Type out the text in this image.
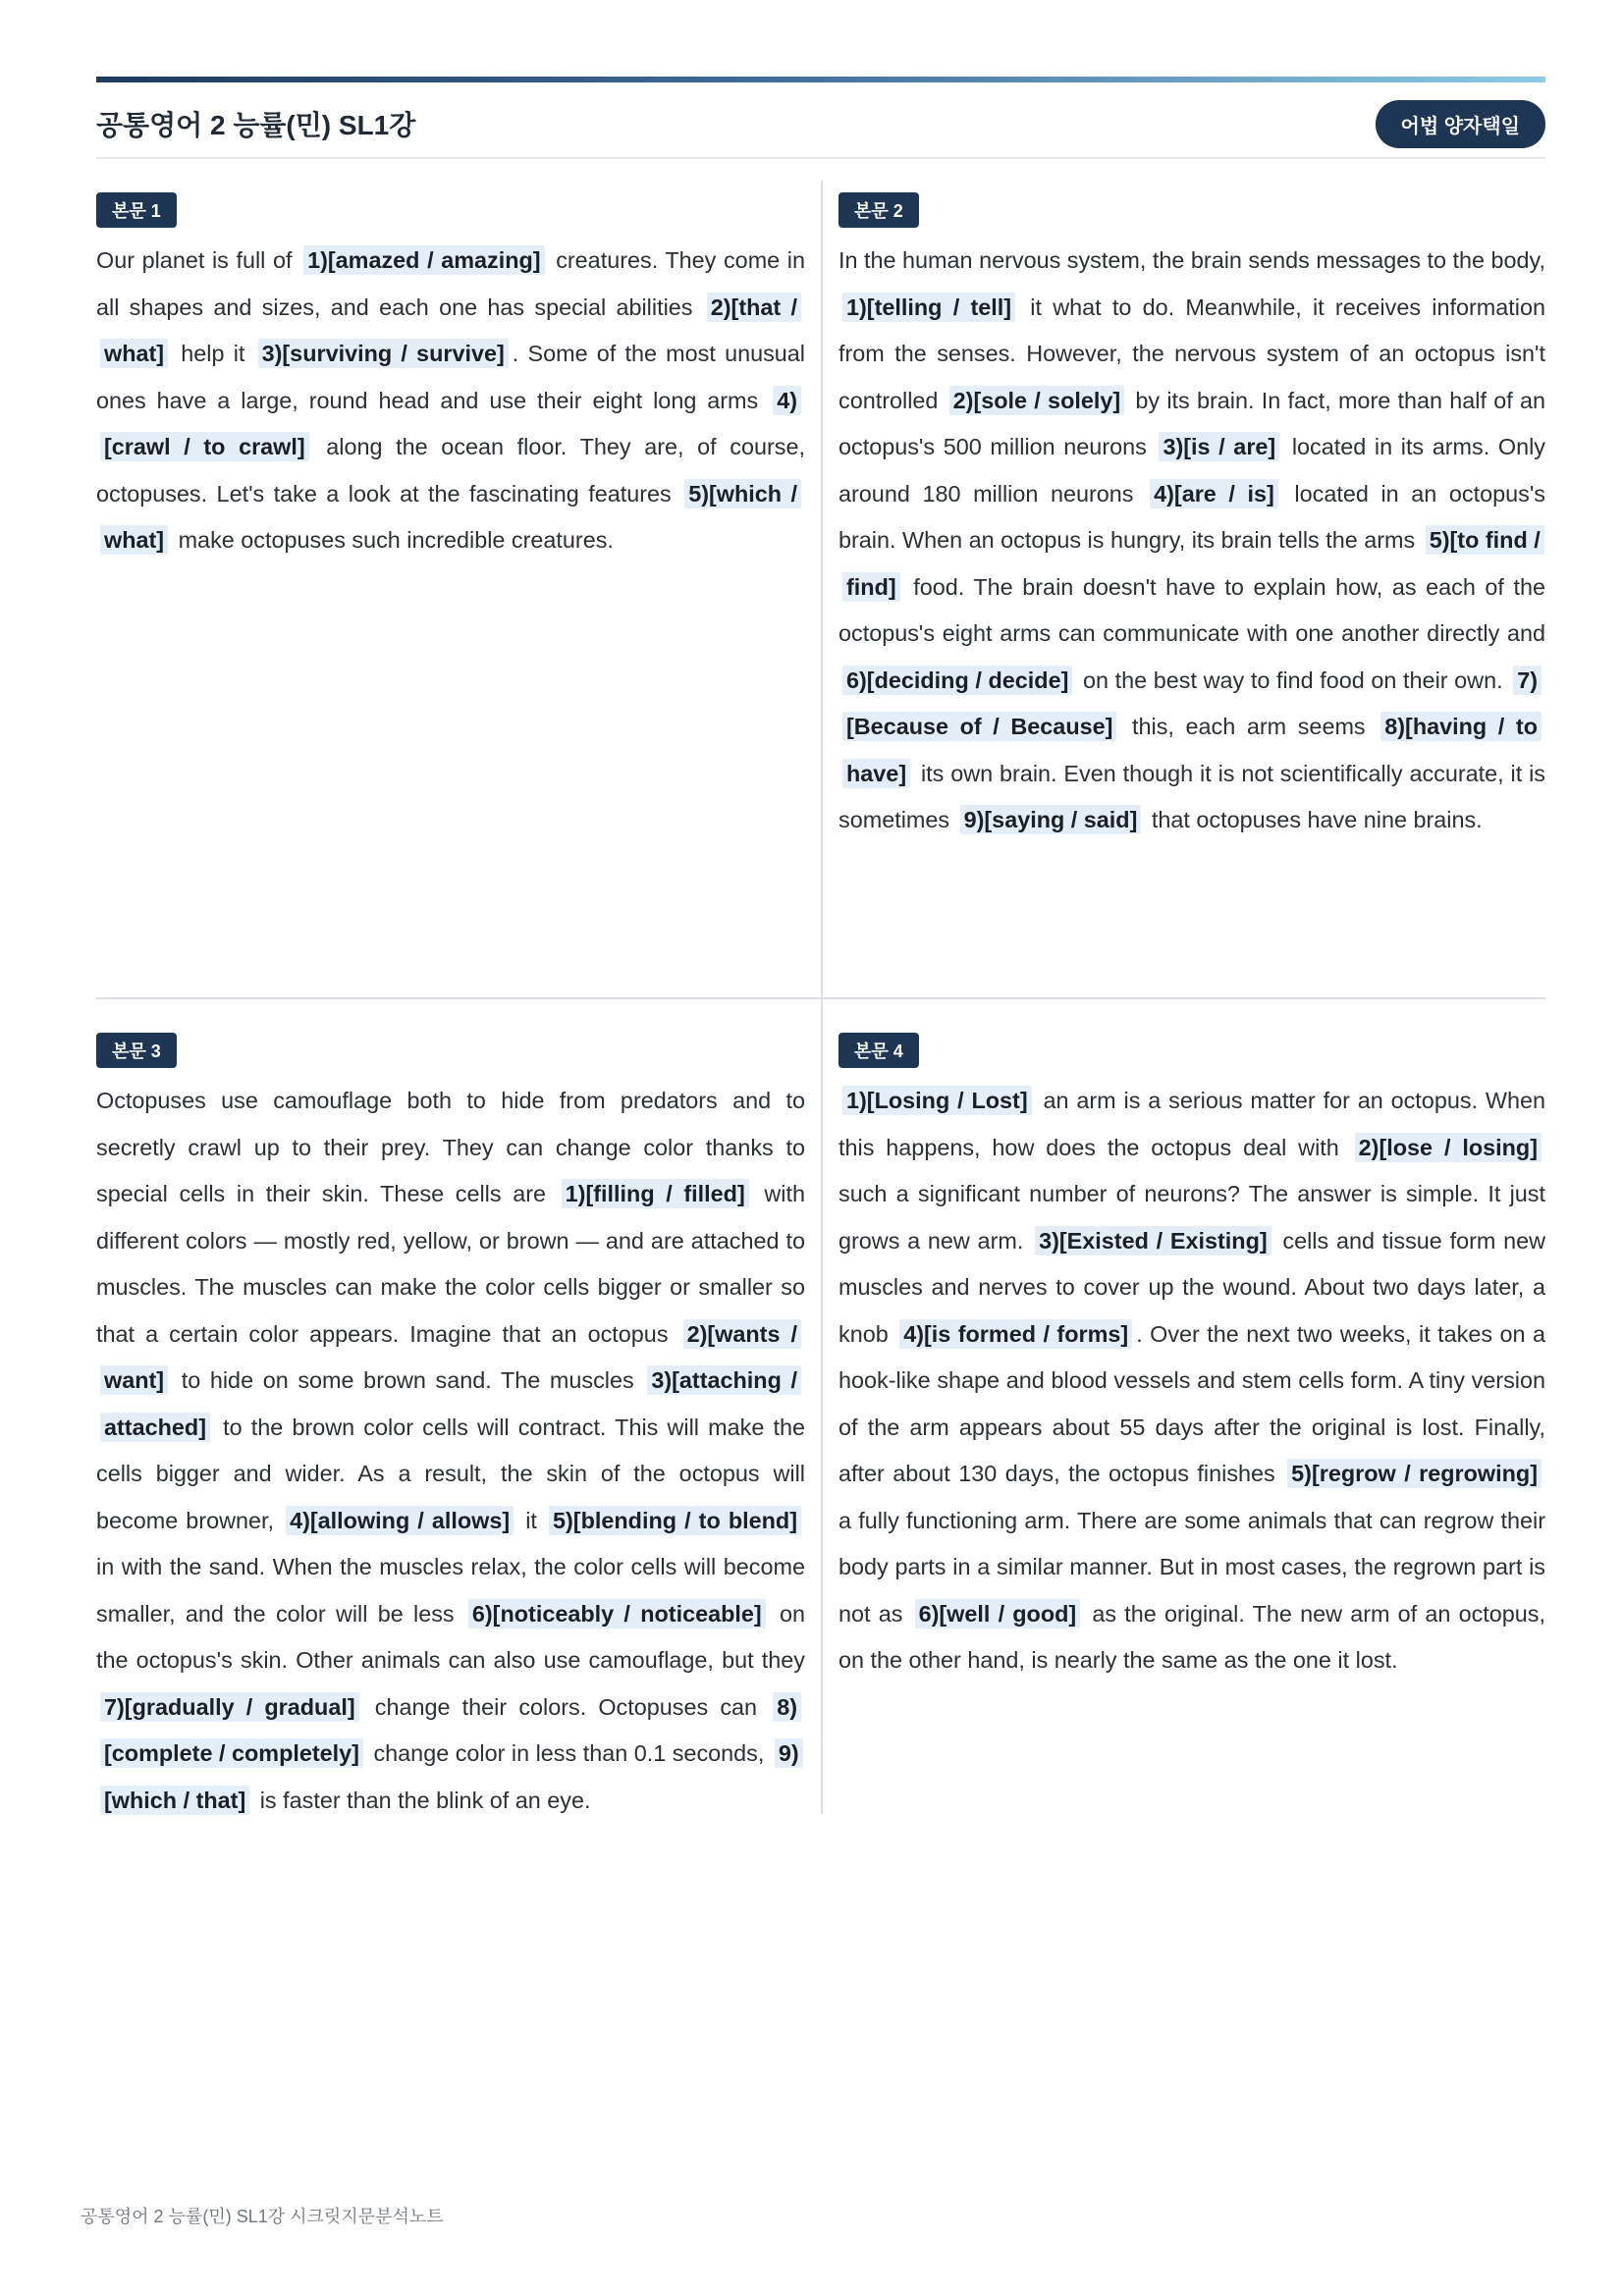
공통영어 2 능률(민) SL1강	어법 양자택일
본문 1

Our planet is full of 1)[amazed / amazing] creatures. They come in all shapes and sizes, and each one has special abilities 2)[that / what] help it 3)[surviving / survive] . Some of the most unusual ones have a large, round head and use their eight long arms 4)[crawl / to crawl] along the ocean floor. They are, of course, octopuses. Let's take a look at the fascinating features 5)[which / what] make octopuses such incredible creatures.

본문 2

In the human nervous system, the brain sends messages to the body, 1)[telling / tell] it what to do. Meanwhile, it receives information from the senses. However, the nervous system of an octopus isn't controlled 2)[sole / solely] by its brain. In fact, more than half of an octopus's 500 million neurons 3)[is / are] located in its arms. Only around 180 million neurons 4)[are / is] located in an octopus's brain. When an octopus is hungry, its brain tells the arms 5)[to find / find] food. The brain doesn't have to explain how, as each of the octopus's eight arms can communicate with one another directly and 6)[deciding / decide] on the best way to find food on their own. 7)[Because of / Because] this, each arm seems 8)[having / to have] its own brain. Even though it is not scientifically accurate, it is sometimes 9)[saying / said] that octopuses have nine brains.

본문 3

Octopuses use camouflage both to hide from predators and to secretly crawl up to their prey. They can change color thanks to special cells in their skin. These cells are 1)[filling / filled] with different colors — mostly red, yellow, or brown — and are attached to muscles. The muscles can make the color cells bigger or smaller so that a certain color appears. Imagine that an octopus 2)[wants / want] to hide on some brown sand. The muscles 3)[attaching / attached] to the brown color cells will contract. This will make the cells bigger and wider. As a result, the skin of the octopus will become browner, 4)[allowing / allows] it 5)[blending / to blend] in with the sand. When the muscles relax, the color cells will become smaller, and the color will be less 6)[noticeably / noticeable] on the octopus's skin. Other animals can also use camouflage, but they 7)[gradually / gradual] change their colors. Octopuses can 8)[complete / completely] change color in less than 0.1 seconds, 9)[which / that] is faster than the blink of an eye.

본문 4

1)[Losing / Lost] an arm is a serious matter for an octopus. When this happens, how does the octopus deal with 2)[lose / losing] such a significant number of neurons? The answer is simple. It just grows a new arm. 3)[Existed / Existing] cells and tissue form new muscles and nerves to cover up the wound. About two days later, a knob 4)[is formed / forms] . Over the next two weeks, it takes on a hook-like shape and blood vessels and stem cells form. A tiny version of the arm appears about 55 days after the original is lost. Finally, after about 130 days, the octopus finishes 5)[regrow / regrowing] a fully functioning arm. There are some animals that can regrow their body parts in a similar manner. But in most cases, the regrown part is not as 6)[well / good] as the original. The new arm of an octopus, on the other hand, is nearly the same as the one it lost.

공통영어 2 능률(민) SL1강 시크릿지문분석노트
